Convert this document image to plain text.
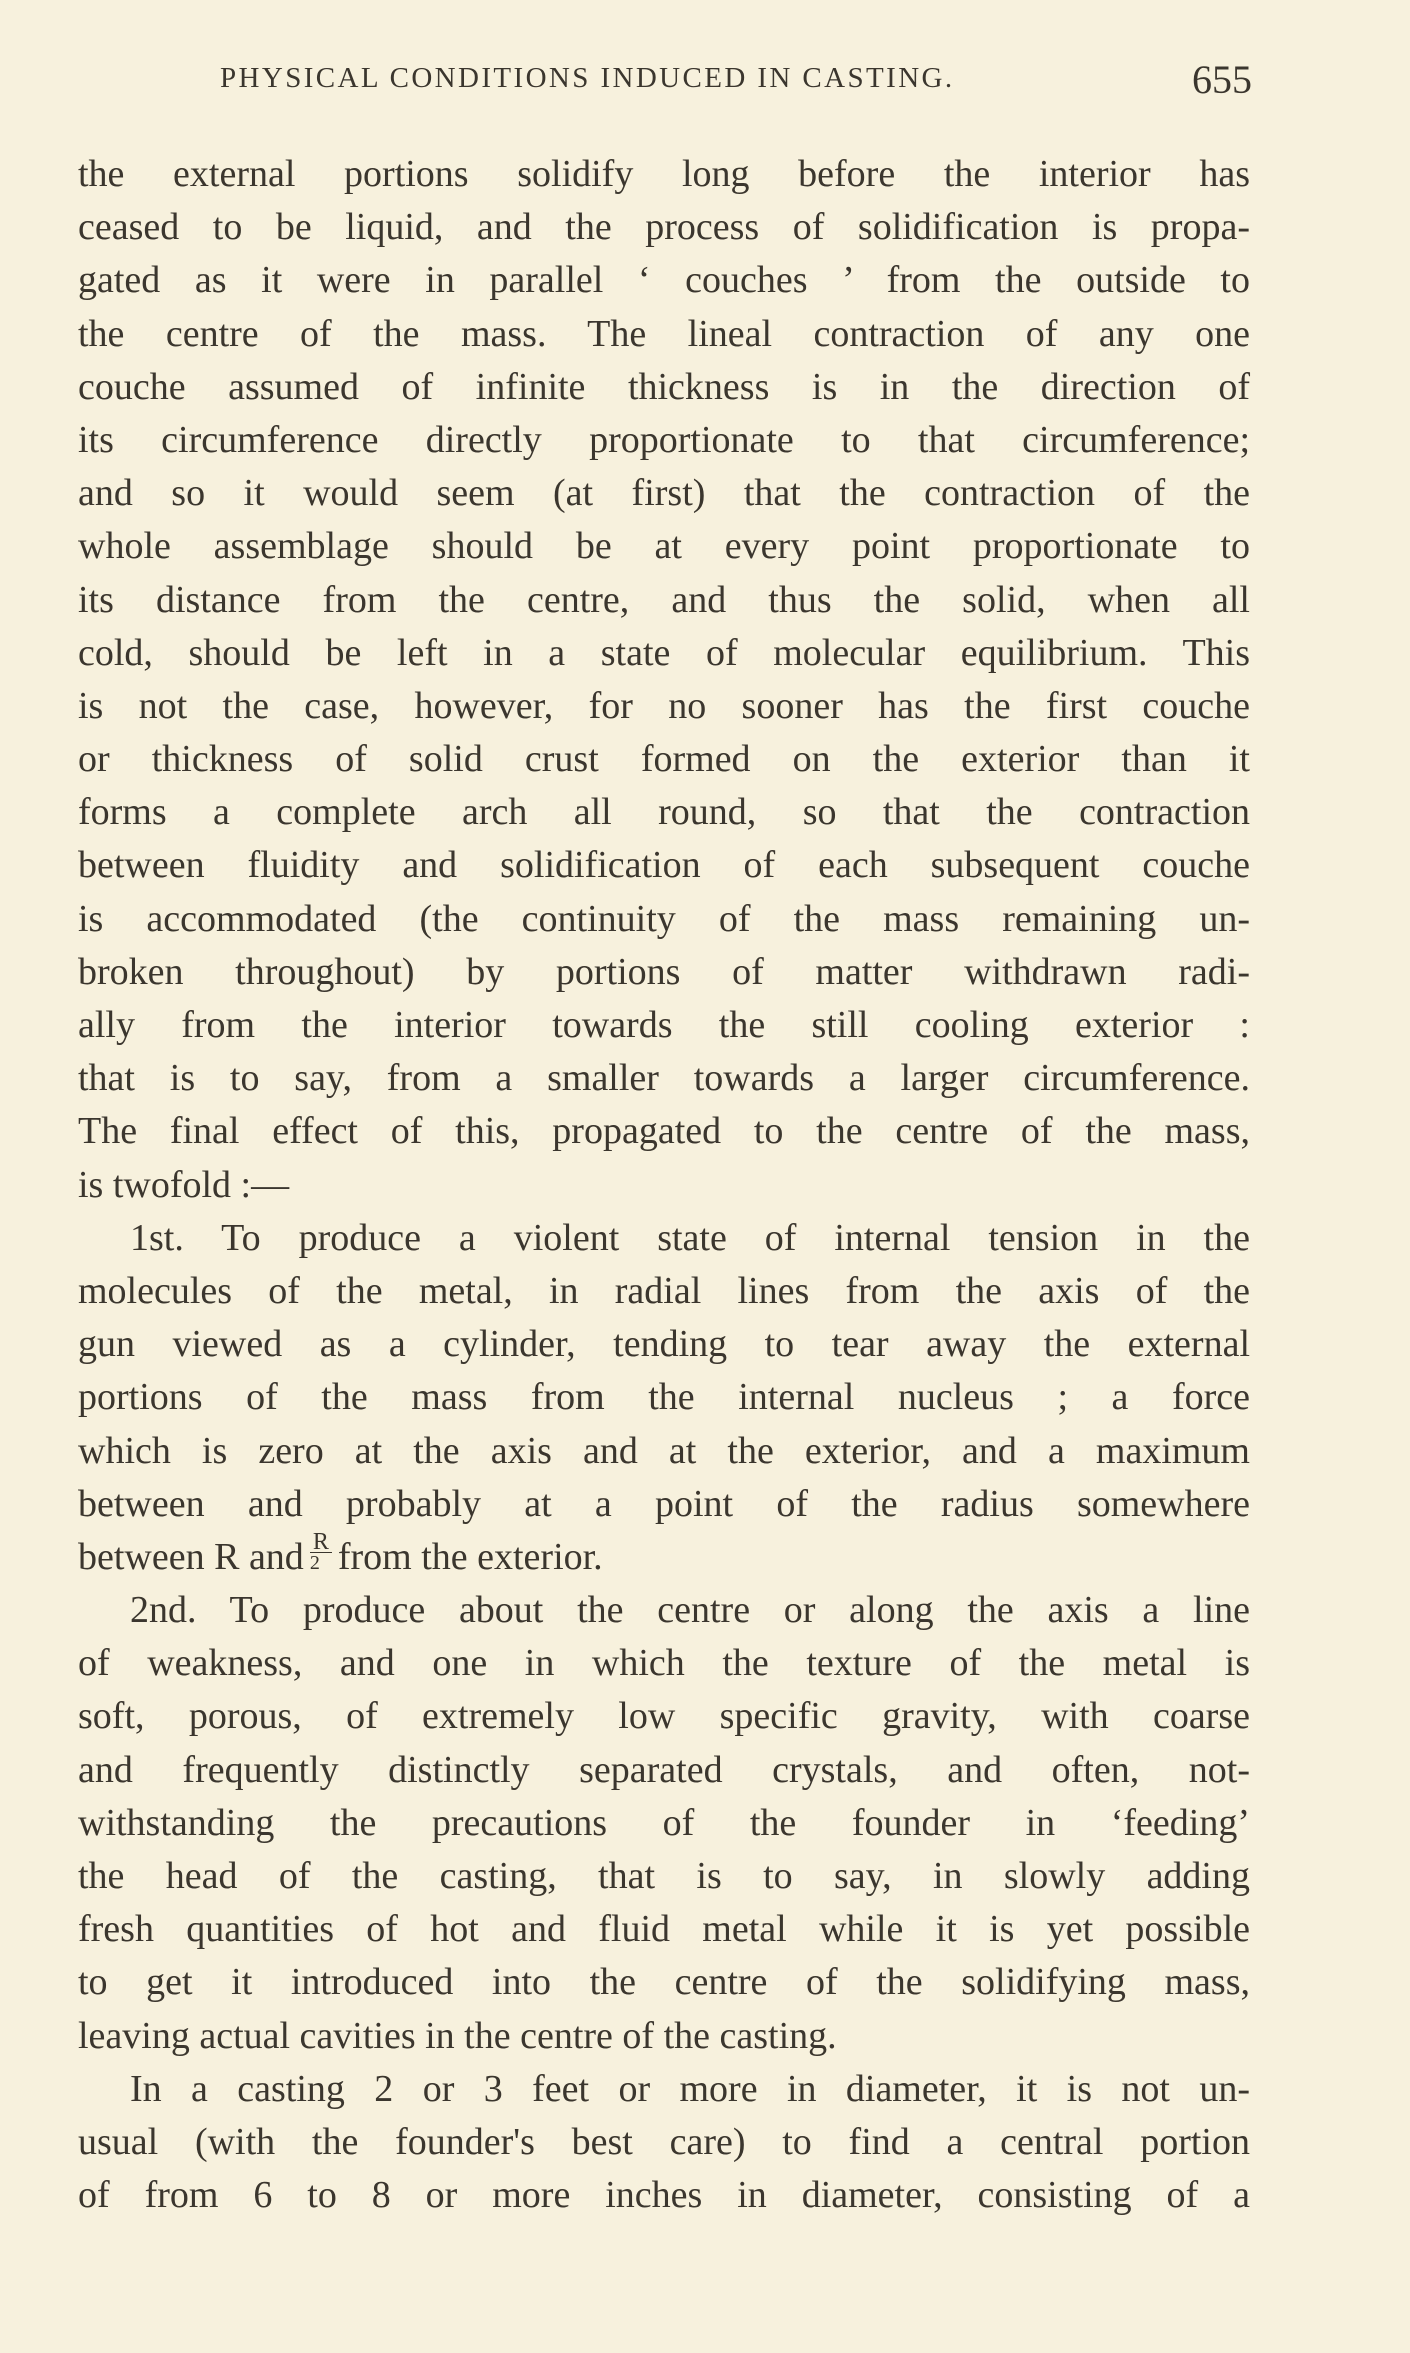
PHYSICAL CONDITIONS INDUCED IN CASTING.	655
the external portions solidify long before the interior has
ceased to be liquid, and the process of solidification is propa-
gated as it were in parallel ‘ couches ’ from the outside to
the centre of the mass. The lineal contraction of any one
couche assumed of infinite thickness is in the direction of
its circumference directly proportionate to that circumference;
and so it would seem (at first) that the contraction of the
whole assemblage should be at every point proportionate to
its distance from the centre, and thus the solid, when all
cold, should be left in a state of molecular equilibrium. This
is not the case, however, for no sooner has the first couche
or thickness of solid crust formed on the exterior than it
forms a complete arch all round, so that the contraction
between fluidity and solidification of each subsequent couche
is accommodated (the continuity of the mass remaining un-
broken throughout) by portions of matter withdrawn radi-
ally from the interior towards the still cooling exterior :
that is to say, from a smaller towards a larger circumference.
The final effect of this, propagated to the centre of the mass,
is twofold :—
1st. To produce a violent state of internal tension in the
molecules of the metal, in radial lines from the axis of the
gun viewed as a cylinder, tending to tear away the external
portions of the mass from the internal nucleus ; a force
which is zero at the axis and at the exterior, and a maximum
between and probably at a point of the radius somewhere
between R and $\frac{R}{2}$ from the exterior.
2nd. To produce about the centre or along the axis a line
of weakness, and one in which the texture of the metal is
soft, porous, of extremely low specific gravity, with coarse
and frequently distinctly separated crystals, and often, not-
withstanding the precautions of the founder in ‘feeding’
the head of the casting, that is to say, in slowly adding
fresh quantities of hot and fluid metal while it is yet possible
to get it introduced into the centre of the solidifying mass,
leaving actual cavities in the centre of the casting.
In a casting 2 or 3 feet or more in diameter, it is not un-
usual (with the founder's best care) to find a central portion
of from 6 to 8 or more inches in diameter, consisting of a
